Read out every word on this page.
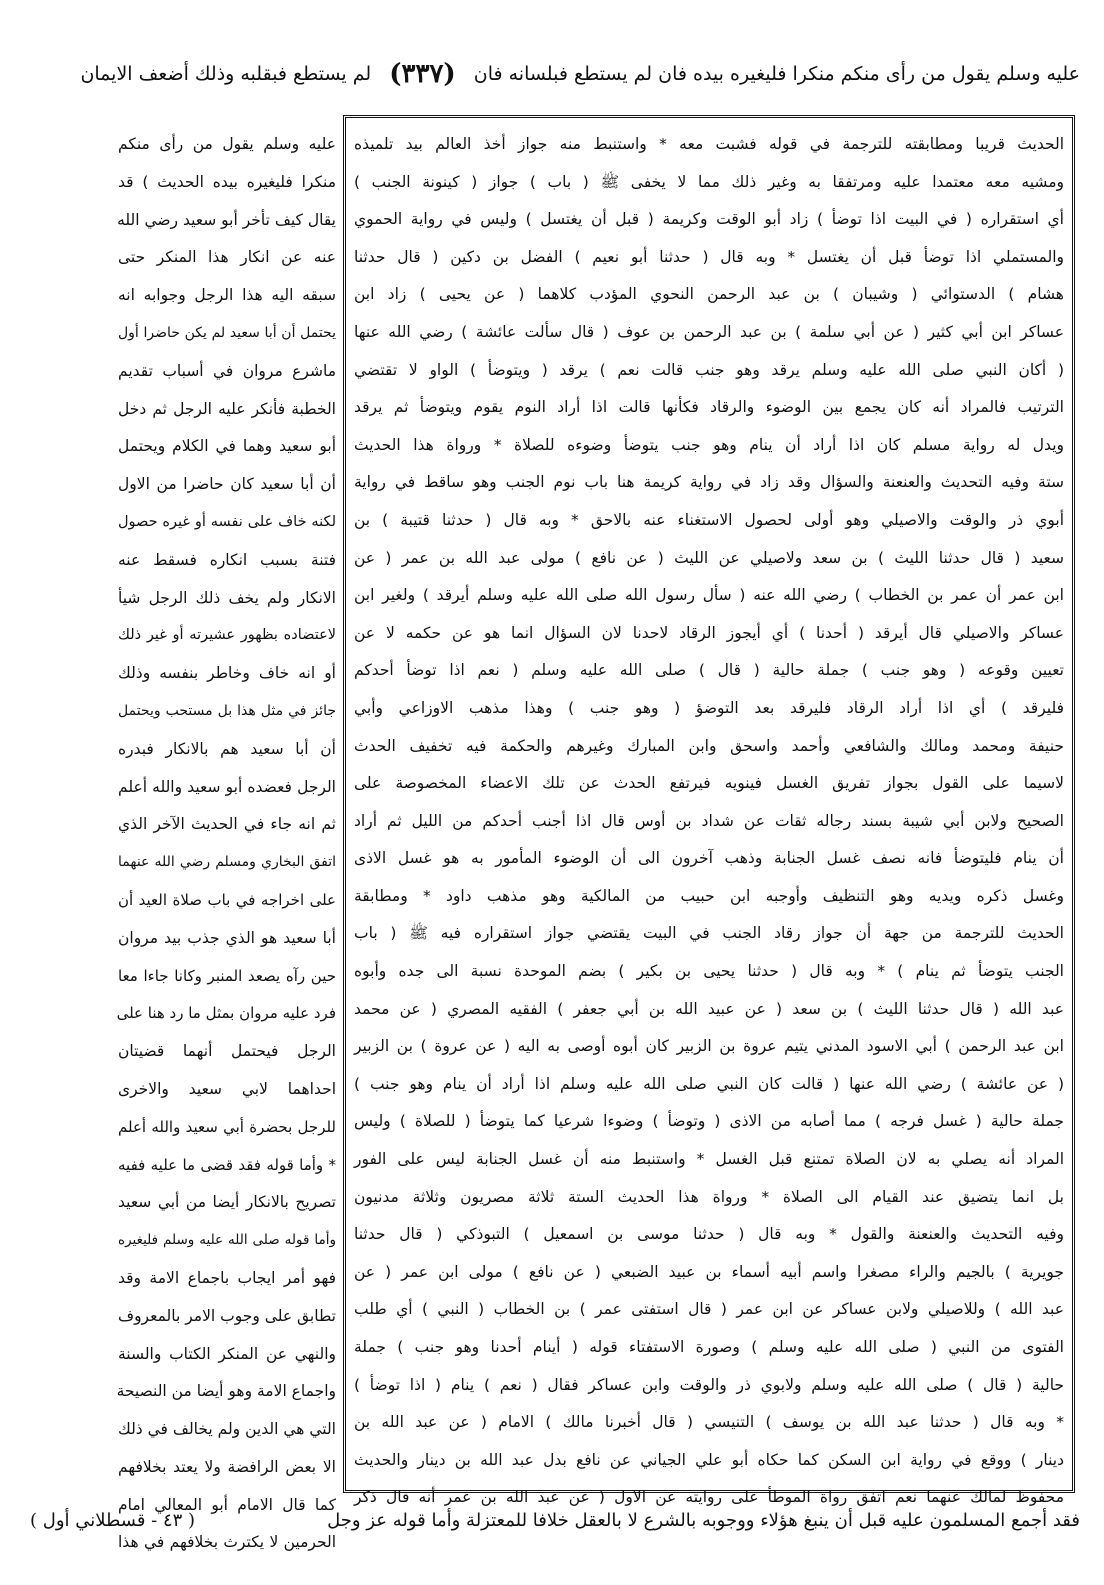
عليه وسلم يقول من رأى منكم منكرا فليغيره بيده فان لم يستطع فبلسانه فان
(٣٣٧)
لم يستطع فبقلبه وذلك أضعف الايمان

الحديث قريبا ومطابقته للترجمة في قوله فشبت معه * واستنبط منه جواز أخذ العالم بيد تلميذه

ومشيه معه معتمدا عليه ومرتفقا به وغير ذلك مما لا يخفى ﷺ ( باب ) جواز ( كينونة الجنب )

أي استقراره ( في البيت اذا توضأ ) زاد أبو الوقت وكريمة ( قبل أن يغتسل ) وليس في رواية الحموي

والمستملي اذا توضأ قبل أن يغتسل * وبه قال ( حدثنا أبو نعيم ) الفضل بن دكين ( قال حدثنا

هشام ) الدستوائي ( وشيبان ) بن عبد الرحمن النحوي المؤدب كلاهما ( عن يحيى ) زاد ابن

عساكر ابن أبي كثير ( عن أبي سلمة ) بن عبد الرحمن بن عوف ( قال سألت عائشة ) رضي الله عنها

( أكان النبي صلى الله عليه وسلم يرقد وهو جنب قالت نعم ) يرقد ( ويتوضأ ) الواو لا تقتضي

الترتيب فالمراد أنه كان يجمع بين الوضوء والرقاد فكأنها قالت اذا أراد النوم يقوم ويتوضأ ثم يرقد

ويدل له رواية مسلم كان اذا أراد أن ينام وهو جنب يتوضأ وضوءه للصلاة * ورواة هذا الحديث

ستة وفيه التحديث والعنعنة والسؤال وقد زاد في رواية كريمة هنا باب نوم الجنب وهو ساقط في رواية

أبوي ذر والوقت والاصيلي وهو أولى لحصول الاستغناء عنه بالاحق * وبه قال ( حدثنا قتيبة ) بن

سعيد ( قال حدثنا الليث ) بن سعد ولاصيلي عن الليث ( عن نافع ) مولى عبد الله بن عمر ( عن

ابن عمر أن عمر بن الخطاب ) رضي الله عنه ( سأل رسول الله صلى الله عليه وسلم أيرقد ) ولغير ابن

عساكر والاصيلي قال أيرقد ( أحدنا ) أي أيجوز الرقاد لاحدنا لان السؤال انما هو عن حكمه لا عن

تعيين وقوعه ( وهو جنب ) جملة حالية ( قال ) صلى الله عليه وسلم ( نعم اذا توضأ أحدكم

فليرقد ) أي اذا أراد الرقاد فليرقد بعد التوضؤ ( وهو جنب ) وهذا مذهب الاوزاعي وأبي

حنيفة ومحمد ومالك والشافعي وأحمد واسحق وابن المبارك وغيرهم والحكمة فيه تخفيف الحدث

لاسيما على القول بجواز تفريق الغسل فينويه فيرتفع الحدث عن تلك الاعضاء المخصوصة على

الصحيح ولابن أبي شيبة بسند رجاله ثقات عن شداد بن أوس قال اذا أجنب أحدكم من الليل ثم أراد

أن ينام فليتوضأ فانه نصف غسل الجنابة وذهب آخرون الى أن الوضوء المأمور به هو غسل الاذى

وغسل ذكره ويديه وهو التنظيف وأوجبه ابن حبيب من المالكية وهو مذهب داود * ومطابقة

الحديث للترجمة من جهة أن جواز رقاد الجنب في البيت يقتضي جواز استقراره فيه ﷺ ( باب

الجنب يتوضأ ثم ينام ) * وبه قال ( حدثنا يحيى بن بكير ) بضم الموحدة نسبة الى جده وأبوه

عبد الله ( قال حدثنا الليث ) بن سعد ( عن عبيد الله بن أبي جعفر ) الفقيه المصري ( عن محمد

ابن عبد الرحمن ) أبي الاسود المدني يتيم عروة بن الزبير كان أبوه أوصى به اليه ( عن عروة ) بن الزبير

( عن عائشة ) رضي الله عنها ( قالت كان النبي صلى الله عليه وسلم اذا أراد أن ينام وهو جنب )

جملة حالية ( غسل فرجه ) مما أصابه من الاذى ( وتوضأ ) وضوءا شرعيا كما يتوضأ ( للصلاة ) وليس

المراد أنه يصلي به لان الصلاة تمتنع قبل الغسل * واستنبط منه أن غسل الجنابة ليس على الفور

بل انما يتضيق عند القيام الى الصلاة * ورواة هذا الحديث الستة ثلاثة مصريون وثلاثة مدنيون

وفيه التحديث والعنعنة والقول * وبه قال ( حدثنا موسى بن اسمعيل ) التبوذكي ( قال حدثنا

جويرية ) بالجيم والراء مصغرا واسم أبيه أسماء بن عبيد الضبعي ( عن نافع ) مولى ابن عمر ( عن

عبد الله ) وللاصيلي ولابن عساكر عن ابن عمر ( قال استفتى عمر ) بن الخطاب ( النبي ) أي طلب

الفتوى من النبي ( صلى الله عليه وسلم ) وصورة الاستفتاء قوله ( أينام أحدنا وهو جنب ) جملة

حالية ( قال ) صلى الله عليه وسلم ولابوي ذر والوقت وابن عساكر فقال ( نعم ) ينام ( اذا توضأ )

* وبه قال ( حدثنا عبد الله بن يوسف ) التنيسي ( قال أخبرنا مالك ) الامام ( عن عبد الله بن

دينار ) ووقع في رواية ابن السكن كما حكاه أبو علي الجياني عن نافع بدل عبد الله بن دينار والحديث

محفوظ لمالك عنهما نعم اتفق رواة الموطأ على روايته عن الاول ( عن عبد الله بن عمر أنه قال ذكر

عليه وسلم يقول من رأى منكم

منكرا فليغيره بيده الحديث ) قد

يقال كيف تأخر أبو سعيد رضي الله

عنه عن انكار هذا المنكر حتى

سبقه اليه هذا الرجل وجوابه انه

يحتمل أن أبا سعيد لم يكن حاضرا أول

ماشرع مروان في أسباب تقديم

الخطبة فأنكر عليه الرجل ثم دخل

أبو سعيد وهما في الكلام ويحتمل

أن أبا سعيد كان حاضرا من الاول

لكنه خاف على نفسه أو غيره حصول

فتنة بسبب انكاره فسقط عنه

الانكار ولم يخف ذلك الرجل شيأ

لاعتضاده بظهور عشيرته أو غير ذلك

أو انه خاف وخاطر بنفسه وذلك

جائز في مثل هذا بل مستحب ويحتمل

أن أبا سعيد هم بالانكار فبدره

الرجل فعضده أبو سعيد والله أعلم

ثم انه جاء في الحديث الآخر الذي

اتفق البخاري ومسلم رضي الله عنهما

على اخراجه في باب صلاة العيد أن

أبا سعيد هو الذي جذب بيد مروان

حين رآه يصعد المنبر وكانا جاءا معا

فرد عليه مروان بمثل ما رد هنا على

الرجل فيحتمل أنهما قضيتان

احداهما لابي سعيد والاخرى

للرجل بحضرة أبي سعيد والله أعلم

* وأما قوله فقد قضى ما عليه ففيه

تصريح بالانكار أيضا من أبي سعيد

وأما قوله صلى الله عليه وسلم فليغيره

فهو أمر ايجاب باجماع الامة وقد

تطابق على وجوب الامر بالمعروف

والنهي عن المنكر الكتاب والسنة

واجماع الامة وهو أيضا من النصيحة

التي هي الدين ولم يخالف في ذلك

الا بعض الرافضة ولا يعتد بخلافهم

كما قال الامام أبو المعالي امام

الحرمين لا يكترث بخلافهم في هذا

فقد أجمع المسلمون عليه قبل أن ينبغ هؤلاء ووجوبه بالشرع لا بالعقل خلافا للمعتزلة وأما قوله عز وجل
( ٤٣ - قسطلاني أول )
